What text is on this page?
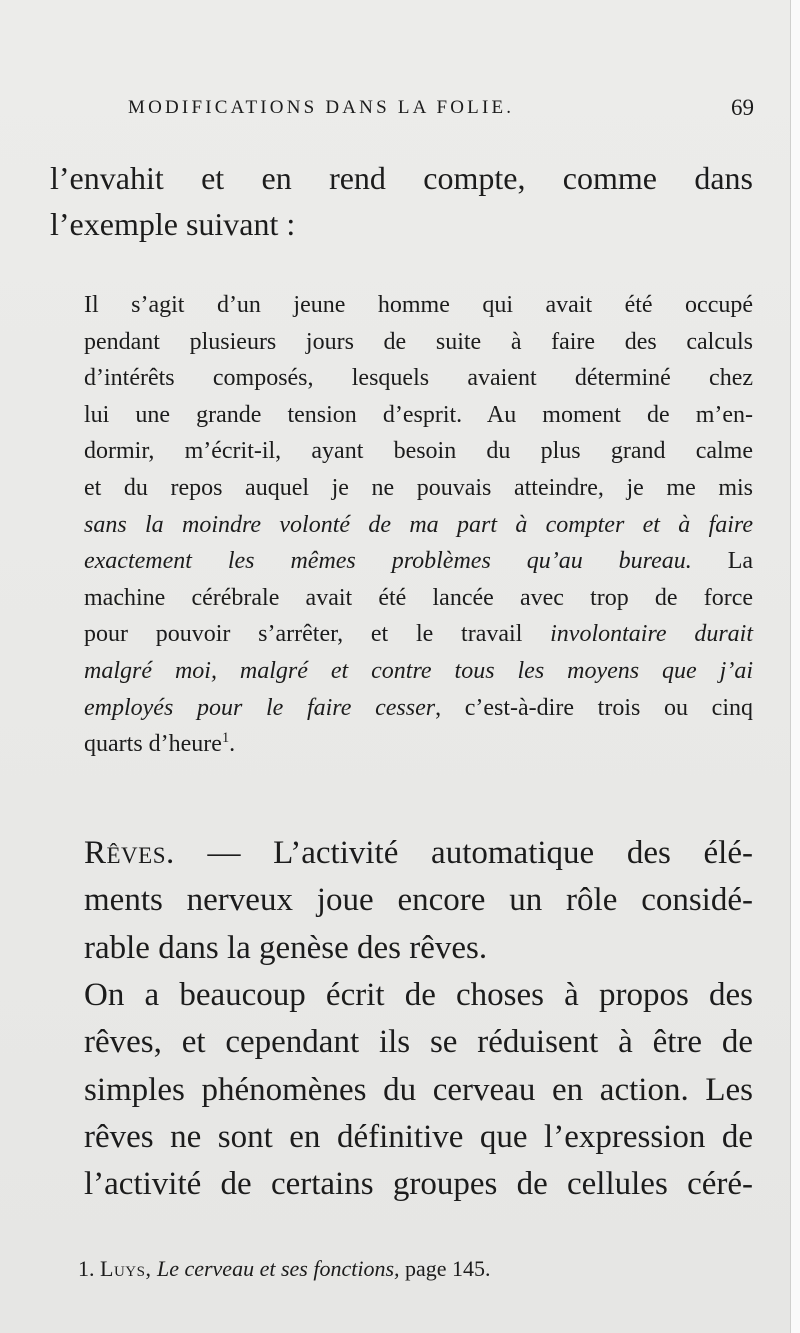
MODIFICATIONS DANS LA FOLIE.	69

l’envahit et en rend compte, comme dans
l’exemple suivant :

Il s’agit d’un jeune homme qui avait été occupé
pendant plusieurs jours de suite à faire des calculs
d’intérêts composés, lesquels avaient déterminé chez
lui une grande tension d’esprit. Au moment de m’en-
dormir, m’écrit-il, ayant besoin du plus grand calme
et du repos auquel je ne pouvais atteindre, je me mis
sans la moindre volonté de ma part à compter et à faire
exactement les mêmes problèmes qu’au bureau. La
machine cérébrale avait été lancée avec trop de force
pour pouvoir s’arrêter, et le travail involontaire durait
malgré moi, malgré et contre tous les moyens que j’ai
employés pour le faire cesser, c’est-à-dire trois ou cinq
quarts d’heure$^1$.

Rêves. — L’activité automatique des élé-
ments nerveux joue encore un rôle considé-
rable dans la genèse des rêves.

On a beaucoup écrit de choses à propos des
rêves, et cependant ils se réduisent à être de
simples phénomènes du cerveau en action. Les
rêves ne sont en définitive que l’expression de
l’activité de certains groupes de cellules céré-

1. Luys, Le cerveau et ses fonctions, page 145.
